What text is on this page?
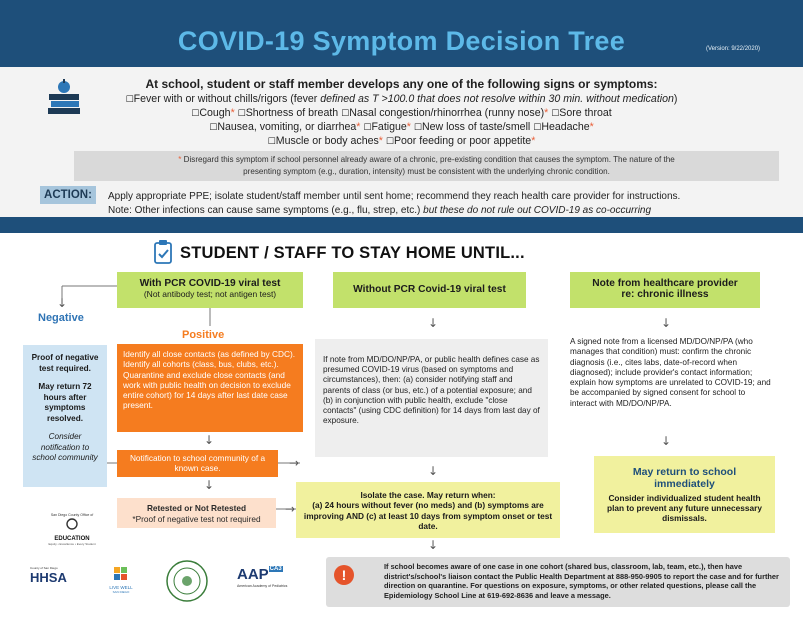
COVID-19 Symptom Decision Tree	(Version: 9/22/2020)
At school, student or staff member develops any one of the following signs or symptoms:
☐Fever with or without chills/rigors (fever defined as T >100.0 that does not resolve within 30 min. without medication)
☐Cough* ☐Shortness of breath ☐Nasal congestion/rhinorrhea (runny nose)* ☐Sore throat
☐Nausea, vomiting, or diarrhea* ☐Fatigue* ☐New loss of taste/smell ☐Headache*
☐Muscle or body aches* ☐Poor feeding or poor appetite*
* Disregard this symptom if school personnel already aware of a chronic, pre-existing condition that causes the symptom. The nature of the
presenting symptom (e.g., duration, intensity) must be consistent with the underlying chronic condition.
ACTION:	Apply appropriate PPE; isolate student/staff member until sent home; recommend they reach health care provider for instructions.
Note: Other infections can cause same symptoms (e.g., flu, strep, etc.) but these do not rule out COVID-19 as co-occurring
STUDENT / STAFF TO STAY HOME UNTIL...
With PCR COVID-19 viral test
(Not antibody test; not antigen test)	Without PCR Covid-19 viral test
Note from healthcare provider
re: chronic illness
↓
↓	↓
↓
↓
↓
↓
↓
→
→
Negative
Proof of negative test required.
May return 72 hours after symptoms resolved.
Consider notification to school community
Positive
Identify all close contacts (as defined by CDC). Identify all cohorts (class, bus, clubs, etc.). Quarantine and exclude close contacts (and work with public health on decision to exclude entire cohort) for 14 days after last date case present.
Notification to school community of a known case.
Retested or Not Retested
*Proof of negative test not required
If note from MD/DO/NP/PA, or public health defines case as presumed COVID-19 virus (based on symptoms and circumstances), then: (a) consider notifying staff and parents of class (or bus, etc.) of a potential exposure; and (b) in conjunction with public health, exclude "close contacts" (using CDC definition) for 14 days from last day of exposure.
Isolate the case. May return when:
(a) 24 hours without fever (no meds) and (b) symptoms are improving AND (c) at least 10 days from symptom onset or test date.
A signed note from a licensed MD/DO/NP/PA (who manages that condition) must: confirm the chronic diagnosis (i.e., cites labs, date-of-record when diagnosed); include provider's contact information; explain how symptoms are unrelated to COVID-19; and be accompanied by signed consent for school to interact with MD/DO/NP/PA.
May return to school immediately
Consider individualized student health plan to prevent any future unnecessary dismissals.
If school becomes aware of one case in one cohort (shared bus, classroom, lab, team, etc.), then have district's/school's liaison contact the Public Health Department at 888-950-9905 to report the case and for further direction on quarantine. For questions on exposure, symptoms, or other related questions, please call the Epidemiology School Line at 619-692-8636 and leave a message.
!
San Diego County Office of
EDUCATION
Equity • Excellence • Every Student
County of San Diego
HHSA
LIVE WELL
SAN DIEGO
$AAP^{CA3}$
American Academy of Pediatrics
